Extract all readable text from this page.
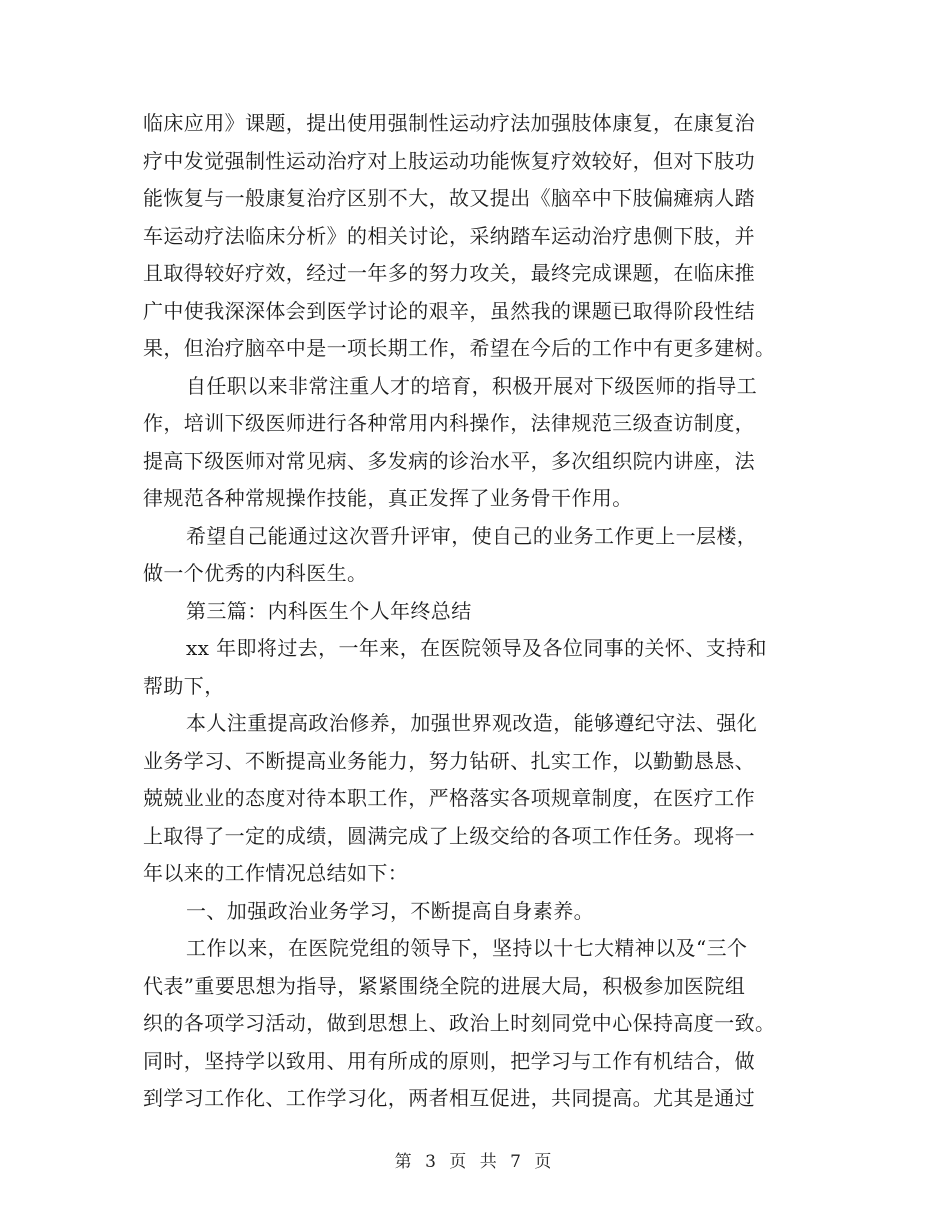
临床应用》课题，提出使用强制性运动疗法加强肢体康复，在康复治
疗中发觉强制性运动治疗对上肢运动功能恢复疗效较好，但对下肢功
能恢复与一般康复治疗区别不大，故又提出《脑卒中下肢偏瘫病人踏
车运动疗法临床分析》的相关讨论，采纳踏车运动治疗患侧下肢，并
且取得较好疗效，经过一年多的努力攻关，最终完成课题，在临床推
广中使我深深体会到医学讨论的艰辛，虽然我的课题已取得阶段性结
果，但治疗脑卒中是一项长期工作，希望在今后的工作中有更多建树。
自任职以来非常注重人才的培育，积极开展对下级医师的指导工
作，培训下级医师进行各种常用内科操作，法律规范三级查访制度，
提高下级医师对常见病、多发病的诊治水平，多次组织院内讲座，法
律规范各种常规操作技能，真正发挥了业务骨干作用。
希望自己能通过这次晋升评审，使自己的业务工作更上一层楼，
做一个优秀的内科医生。
第三篇：内科医生个人年终总结
xx 年即将过去，一年来，在医院领导及各位同事的关怀、支持和
帮助下，
本人注重提高政治修养，加强世界观改造，能够遵纪守法、强化
业务学习、不断提高业务能力，努力钻研、扎实工作，以勤勤恳恳、
兢兢业业的态度对待本职工作，严格落实各项规章制度，在医疗工作
上取得了一定的成绩，圆满完成了上级交给的各项工作任务。现将一
年以来的工作情况总结如下：
一、加强政治业务学习，不断提高自身素养。
工作以来，在医院党组的领导下，坚持以十七大精神以及“三个
代表”重要思想为指导，紧紧围绕全院的进展大局，积极参加医院组
织的各项学习活动，做到思想上、政治上时刻同党中心保持高度一致。
同时，坚持学以致用、用有所成的原则，把学习与工作有机结合，做
到学习工作化、工作学习化，两者相互促进，共同提高。尤其是通过
第 3 页 共 7 页
